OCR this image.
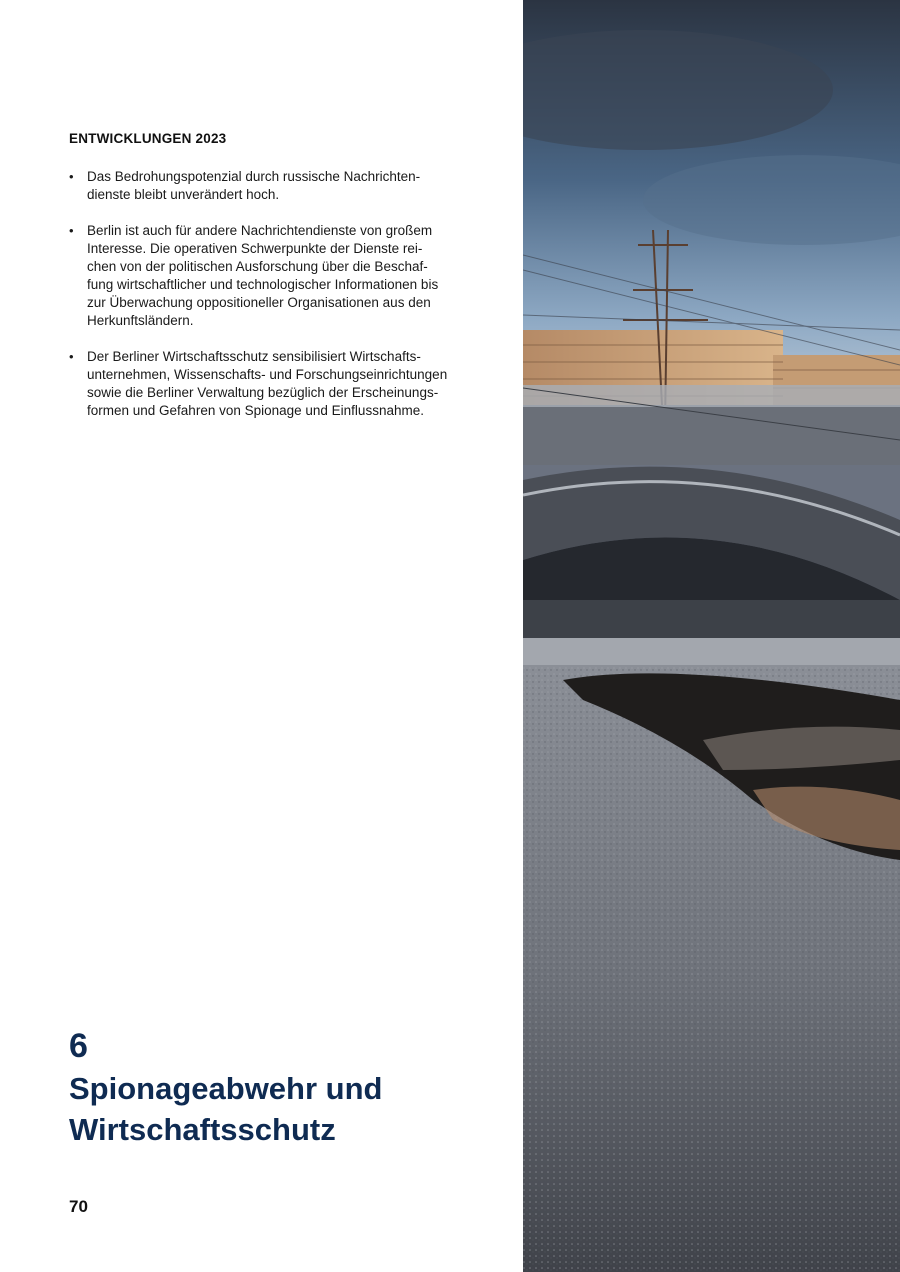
ENTWICKLUNGEN 2023
• Das Bedrohungspotenzial durch russische Nachrichten-
dienste bleibt unverändert hoch.
• Berlin ist auch für andere Nachrichtendienste von großem
Interesse. Die operativen Schwerpunkte der Dienste rei-
chen von der politischen Ausforschung über die Beschaf-
fung wirtschaftlicher und technologischer Informationen bis
zur Überwachung oppositioneller Organisationen aus den
Herkunftsländern.
• Der Berliner Wirtschaftsschutz sensibilisiert Wirtschafts-
unternehmen, Wissenschafts- und Forschungseinrichtungen
sowie die Berliner Verwaltung bezüglich der Erscheinungs-
formen und Gefahren von Spionage und Einflussnahme.
6
Spionageabwehr und
Wirtschaftsschutz
70
